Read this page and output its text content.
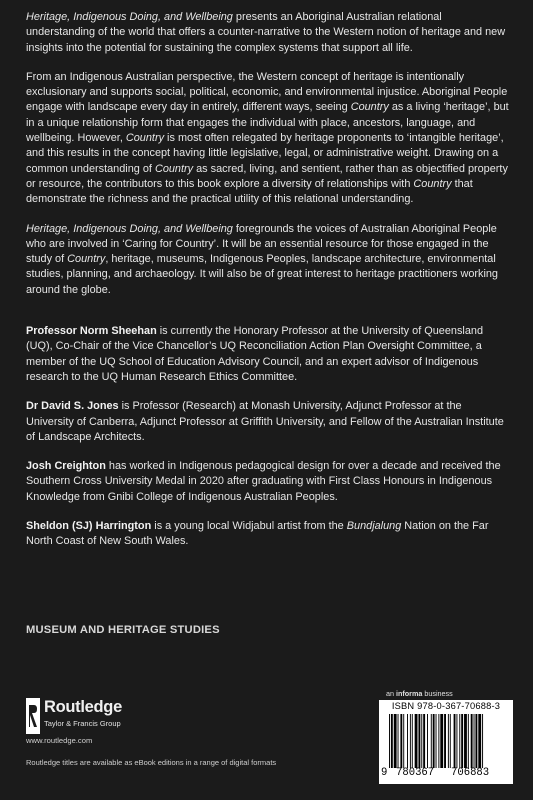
Heritage, Indigenous Doing, and Wellbeing presents an Aboriginal Australian relational understanding of the world that offers a counter-narrative to the Western notion of heritage and new insights into the potential for sustaining the complex systems that support all life.

From an Indigenous Australian perspective, the Western concept of heritage is intentionally exclusionary and supports social, political, economic, and environmental injustice. Aboriginal People engage with landscape every day in entirely, different ways, seeing Country as a living ‘heritage’, but in a unique relationship form that engages the individual with place, ancestors, language, and wellbeing. However, Country is most often relegated by heritage proponents to ‘intangible heritage’, and this results in the concept having little legislative, legal, or administrative weight. Drawing on a common understanding of Country as sacred, living, and sentient, rather than as objectified property or resource, the contributors to this book explore a diversity of relationships with Country that demonstrate the richness and the practical utility of this relational understanding.

Heritage, Indigenous Doing, and Wellbeing foregrounds the voices of Australian Aboriginal People who are involved in ‘Caring for Country’. It will be an essential resource for those engaged in the study of Country, heritage, museums, Indigenous Peoples, landscape architecture, environmental studies, planning, and archaeology. It will also be of great interest to heritage practitioners working around the globe.

Professor Norm Sheehan is currently the Honorary Professor at the University of Queensland (UQ), Co-Chair of the Vice Chancellor’s UQ Reconciliation Action Plan Oversight Committee, a member of the UQ School of Education Advisory Council, and an expert advisor of Indigenous research to the UQ Human Research Ethics Committee.

Dr David S. Jones is Professor (Research) at Monash University, Adjunct Professor at the University of Canberra, Adjunct Professor at Griffith University, and Fellow of the Australian Institute of Landscape Architects.

Josh Creighton has worked in Indigenous pedagogical design for over a decade and received the Southern Cross University Medal in 2020 after graduating with First Class Honours in Indigenous Knowledge from Gnibi College of Indigenous Australian Peoples.

Sheldon (SJ) Harrington is a young local Widjabul artist from the Bundjalung Nation on the Far North Coast of New South Wales.

MUSEUM AND HERITAGE STUDIES
Routledge
Taylor & Francis Group
www.routledge.com
Routledge titles are available as eBook editions in a range of digital formats
an informa business
ISBN 978-0-367-70688-3
9 780367 706883
